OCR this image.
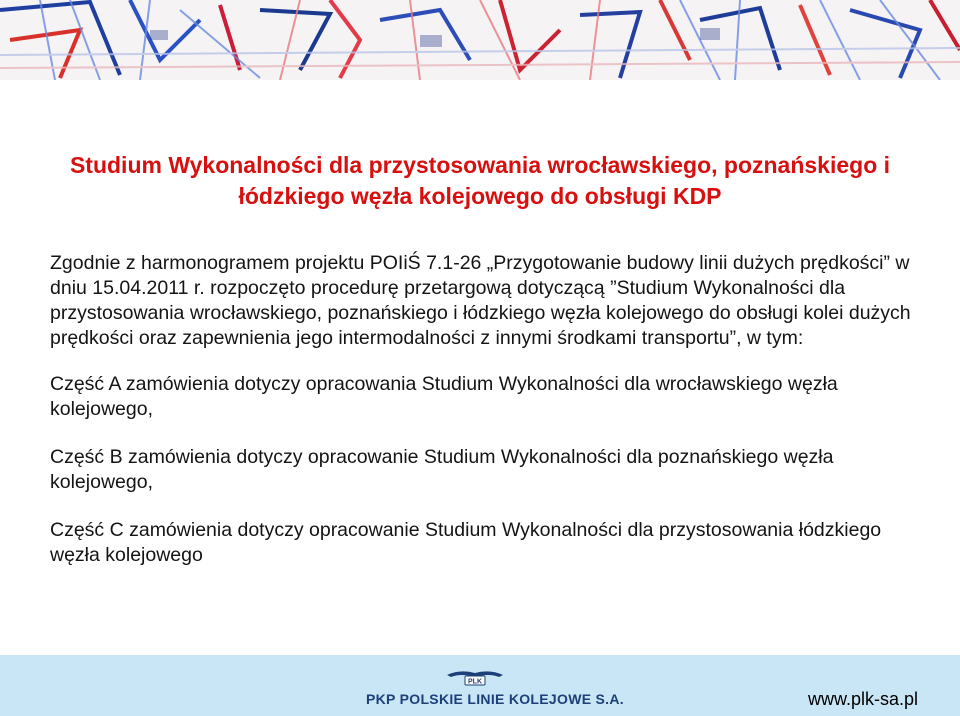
Studium Wykonalności dla przystosowania wrocławskiego, poznańskiego i łódzkiego węzła kolejowego do obsługi KDP

Zgodnie z harmonogramem projektu POIiŚ 7.1-26 „Przygotowanie budowy linii dużych prędkości” w dniu 15.04.2011 r. rozpoczęto procedurę przetargową dotyczącą ”Studium Wykonalności dla przystosowania wrocławskiego, poznańskiego i łódzkiego węzła kolejowego do obsługi kolei dużych prędkości oraz zapewnienia jego intermodalności z innymi środkami transportu”, w tym:

Część A zamówienia dotyczy opracowania Studium Wykonalności dla wrocławskiego węzła kolejowego,

Część B zamówienia dotyczy opracowanie Studium Wykonalności dla poznańskiego węzła kolejowego,

Część C zamówienia dotyczy opracowanie Studium Wykonalności dla przystosowania łódzkiego węzła kolejowego

PLK
PKP POLSKIE LINIE KOLEJOWE S.A.	www.plk-sa.pl
